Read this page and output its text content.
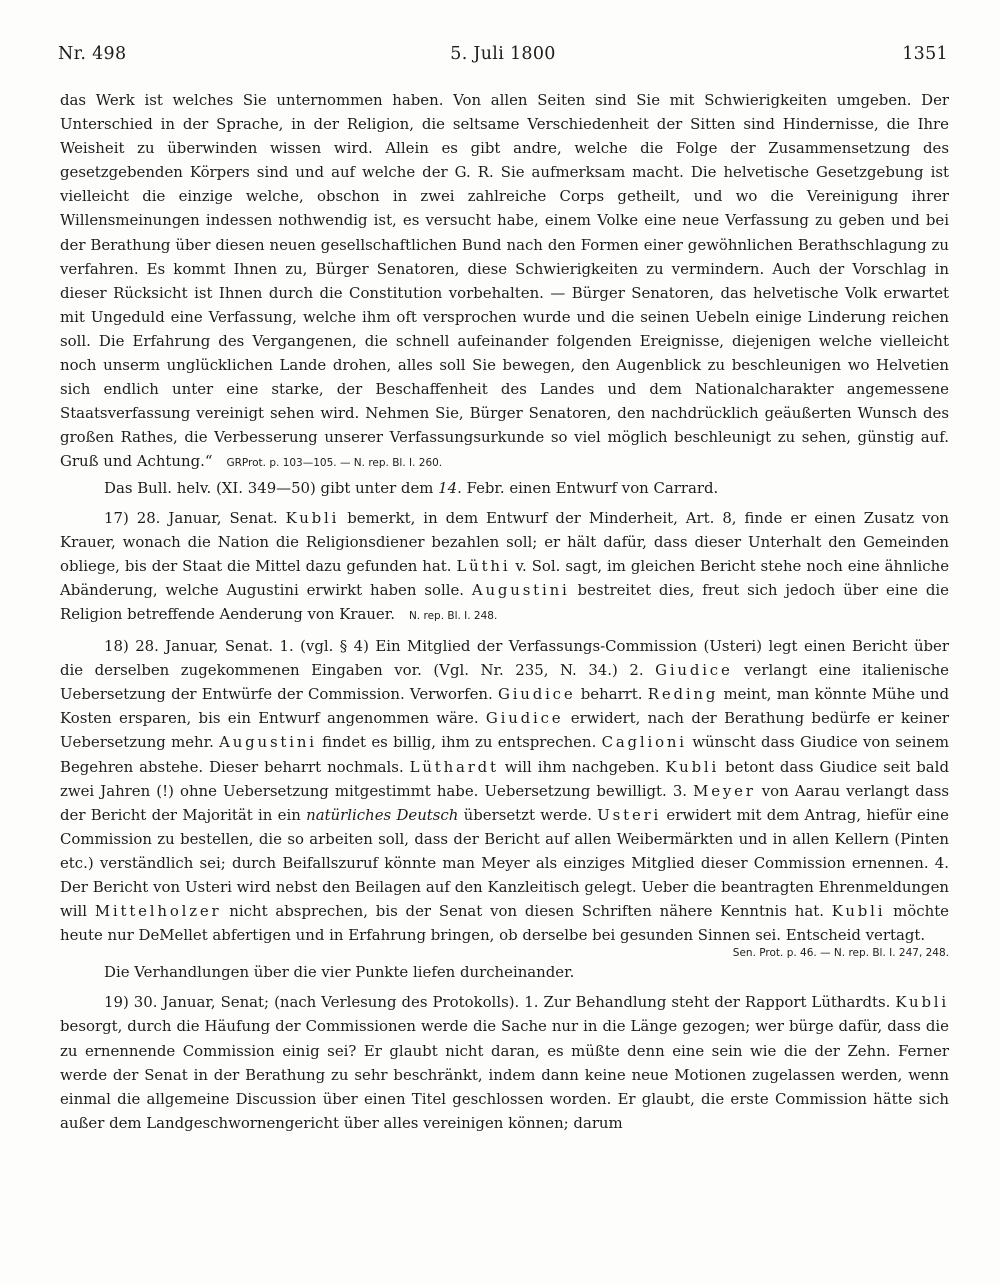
Nr. 498	5. Juli 1800	1351

das Werk ist welches Sie unternommen haben. Von allen Seiten sind Sie mit Schwierigkeiten umgeben. Der Unterschied in der Sprache, in der Religion, die seltsame Verschiedenheit der Sitten sind Hindernisse, die Ihre Weisheit zu überwinden wissen wird. Allein es gibt andre, welche die Folge der Zusammensetzung des gesetzgebenden Körpers sind und auf welche der G. R. Sie aufmerksam macht. Die helvetische Gesetzgebung ist vielleicht die einzige welche, obschon in zwei zahlreiche Corps getheilt, und wo die Vereinigung ihrer Willensmeinungen indessen nothwendig ist, es versucht habe, einem Volke eine neue Verfassung zu geben und bei der Berathung über diesen neuen gesellschaftlichen Bund nach den Formen einer gewöhnlichen Berathschlagung zu verfahren. Es kommt Ihnen zu, Bürger Senatoren, diese Schwierigkeiten zu vermindern. Auch der Vorschlag in dieser Rücksicht ist Ihnen durch die Constitution vorbehalten. — Bürger Senatoren, das helvetische Volk erwartet mit Ungeduld eine Verfassung, welche ihm oft versprochen wurde und die seinen Uebeln einige Linderung reichen soll. Die Erfahrung des Vergangenen, die schnell aufeinander folgenden Ereignisse, diejenigen welche vielleicht noch unserm unglücklichen Lande drohen, alles soll Sie bewegen, den Augenblick zu beschleunigen wo Helvetien sich endlich unter eine starke, der Beschaffenheit des Landes und dem Nationalcharakter angemessene Staatsverfassung vereinigt sehen wird. Nehmen Sie, Bürger Senatoren, den nachdrücklich geäußerten Wunsch des großen Rathes, die Verbesserung unserer Verfassungsurkunde so viel möglich beschleunigt zu sehen, günstig auf. Gruß und Achtung.“ GRProt. p. 103—105. — N. rep. Bl. I. 260.

Das Bull. helv. (XI. 349—50) gibt unter dem 14. Febr. einen Entwurf von Carrard.

17) 28. Januar, Senat. Kubli bemerkt, in dem Entwurf der Minderheit, Art. 8, finde er einen Zusatz von Krauer, wonach die Nation die Religionsdiener bezahlen soll; er hält dafür, dass dieser Unterhalt den Gemeinden obliege, bis der Staat die Mittel dazu gefunden hat. Lüthi v. Sol. sagt, im gleichen Bericht stehe noch eine ähnliche Abänderung, welche Augustini erwirkt haben solle. Augustini bestreitet dies, freut sich jedoch über eine die Religion betreffende Aenderung von Krauer. N. rep. Bl. I. 248.

18) 28. Januar, Senat. 1. (vgl. § 4) Ein Mitglied der Verfassungs-Commission (Usteri) legt einen Bericht über die derselben zugekommenen Eingaben vor. (Vgl. Nr. 235, N. 34.) 2. Giudice verlangt eine italienische Uebersetzung der Entwürfe der Commission. Verworfen. Giudice beharrt. Reding meint, man könnte Mühe und Kosten ersparen, bis ein Entwurf angenommen wäre. Giudice erwidert, nach der Berathung bedürfe er keiner Uebersetzung mehr. Augustini findet es billig, ihm zu entsprechen. Caglioni wünscht dass Giudice von seinem Begehren abstehe. Dieser beharrt nochmals. Lüthardt will ihm nachgeben. Kubli betont dass Giudice seit bald zwei Jahren (!) ohne Uebersetzung mitgestimmt habe. Uebersetzung bewilligt. 3. Meyer von Aarau verlangt dass der Bericht der Majorität in ein natürliches Deutsch übersetzt werde. Usteri erwidert mit dem Antrag, hiefür eine Commission zu bestellen, die so arbeiten soll, dass der Bericht auf allen Weibermärkten und in allen Kellern (Pinten etc.) verständlich sei; durch Beifallszuruf könnte man Meyer als einziges Mitglied dieser Commission ernennen. 4. Der Bericht von Usteri wird nebst den Beilagen auf den Kanzleitisch gelegt. Ueber die beantragten Ehrenmeldungen will Mittelholzer nicht absprechen, bis der Senat von diesen Schriften nähere Kenntnis hat. Kubli möchte heute nur DeMellet abfertigen und in Erfahrung bringen, ob derselbe bei gesunden Sinnen sei. Entscheid vertagt.

Sen. Prot. p. 46. — N. rep. Bl. I. 247, 248.

Die Verhandlungen über die vier Punkte liefen durcheinander.

19) 30. Januar, Senat; (nach Verlesung des Protokolls). 1. Zur Behandlung steht der Rapport Lüthardts. Kubli besorgt, durch die Häufung der Commissionen werde die Sache nur in die Länge gezogen; wer bürge dafür, dass die zu ernennende Commission einig sei? Er glaubt nicht daran, es müßte denn eine sein wie die der Zehn. Ferner werde der Senat in der Berathung zu sehr beschränkt, indem dann keine neue Motionen zugelassen werden, wenn einmal die allgemeine Discussion über einen Titel geschlossen worden. Er glaubt, die erste Commission hätte sich außer dem Landgeschwornengericht über alles vereinigen können; darum
